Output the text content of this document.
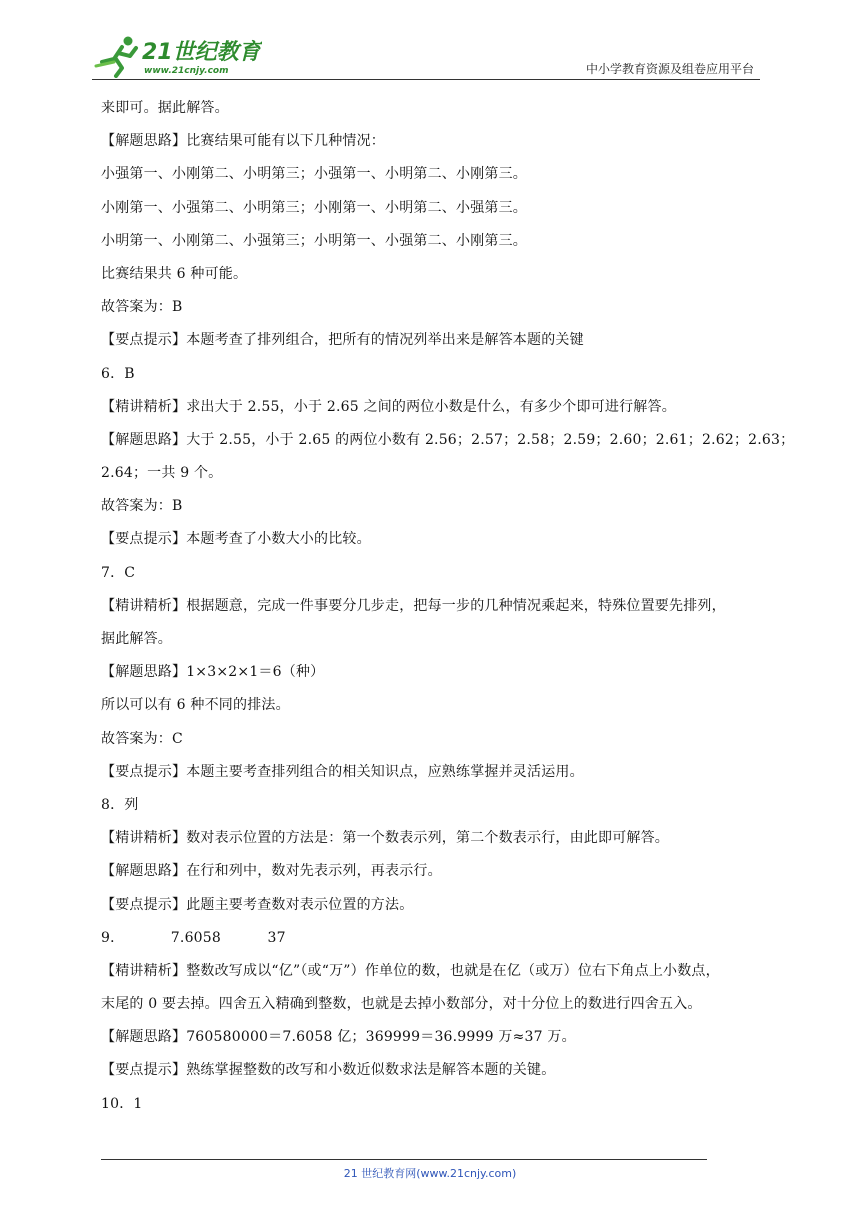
21世纪教育
www.21cnjy.com	中小学教育资源及组卷应用平台
来即可。据此解答。
【解题思路】比赛结果可能有以下几种情况：
小强第一、小刚第二、小明第三；小强第一、小明第二、小刚第三。
小刚第一、小强第二、小明第三；小刚第一、小明第二、小强第三。
小明第一、小刚第二、小强第三；小明第一、小强第二、小刚第三。
比赛结果共 6 种可能。
故答案为：B
【要点提示】本题考查了排列组合，把所有的情况列举出来是解答本题的关键
6．B
【精讲精析】求出大于 2.55，小于 2.65 之间的两位小数是什么，有多少个即可进行解答。
【解题思路】大于 2.55，小于 2.65 的两位小数有 2.56；2.57；2.58；2.59；2.60；2.61；2.62；2.63；
2.64；一共 9 个。
故答案为：B
【要点提示】本题考查了小数大小的比较。
7．C
【精讲精析】根据题意，完成一件事要分几步走，把每一步的几种情况乘起来，特殊位置要先排列，
据此解答。
【解题思路】1×3×2×1＝6（种）
所以可以有 6 种不同的排法。
故答案为：C
【要点提示】本题主要考查排列组合的相关知识点，应熟练掌握并灵活运用。
8．列
【精讲精析】数对表示位置的方法是：第一个数表示列，第二个数表示行，由此即可解答。
【解题思路】在行和列中，数对先表示列，再表示行。
【要点提示】此题主要考查数对表示位置的方法。
9．          7.6058          37
【精讲精析】整数改写成以“亿”（或“万”）作单位的数，也就是在亿（或万）位右下角点上小数点，
末尾的 0 要去掉。四舍五入精确到整数，也就是去掉小数部分，对十分位上的数进行四舍五入。
【解题思路】760580000＝7.6058 亿；369999＝36.9999 万≈37 万。
【要点提示】熟练掌握整数的改写和小数近似数求法是解答本题的关键。
10．1
21 世纪教育网(www.21cnjy.com)
